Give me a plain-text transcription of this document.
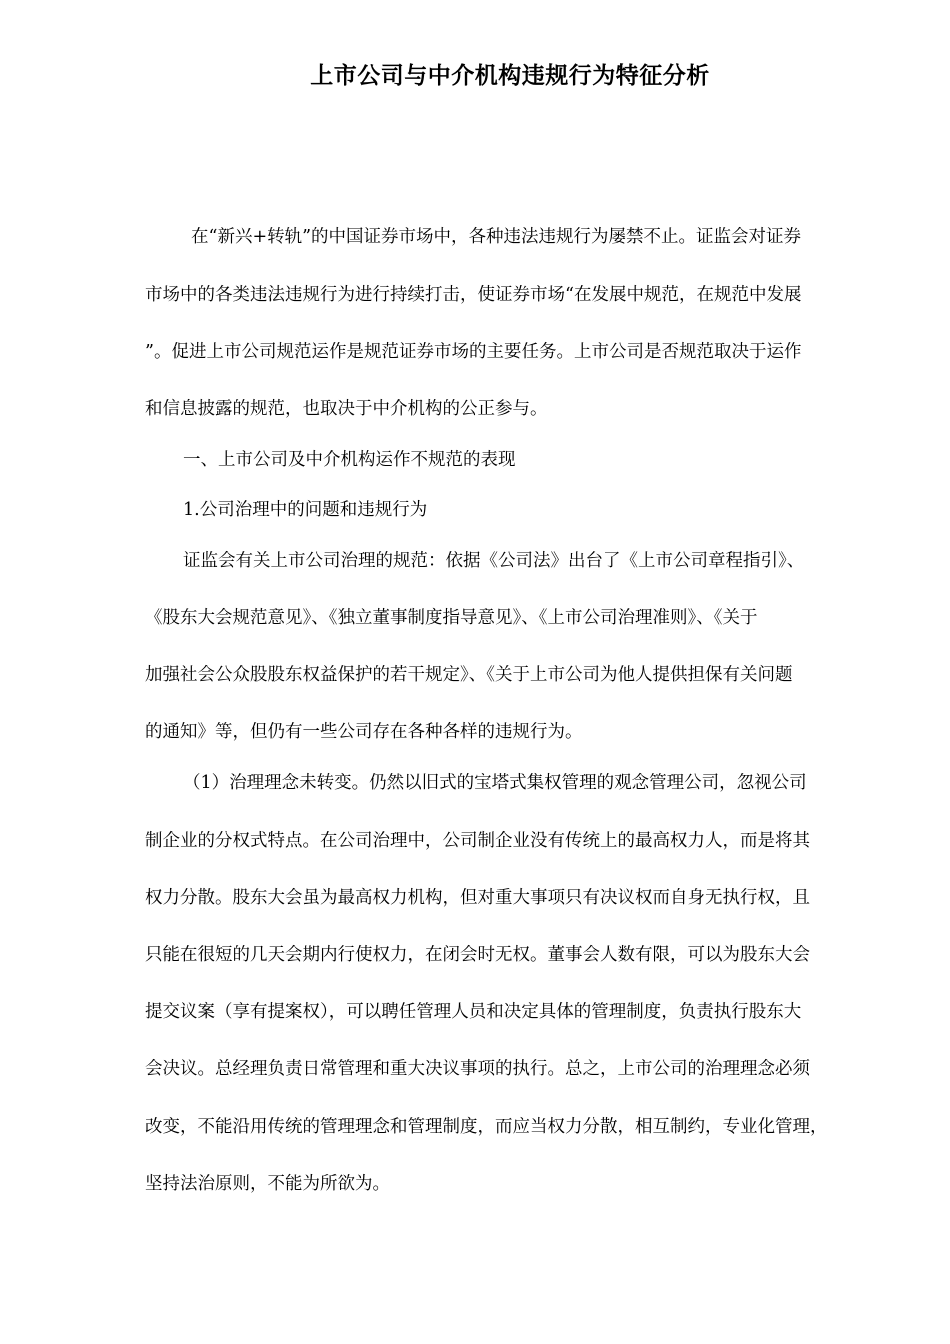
上市公司与中介机构违规行为特征分析
在“新兴+转轨”的中国证券市场中，各种违法违规行为屡禁不止。证监会对证券
市场中的各类违法违规行为进行持续打击，使证券市场“在发展中规范，在规范中发展
”。促进上市公司规范运作是规范证券市场的主要任务。上市公司是否规范取决于运作
和信息披露的规范，也取决于中介机构的公正参与。
一、上市公司及中介机构运作不规范的表现
1.公司治理中的问题和违规行为
证监会有关上市公司治理的规范：依据《公司法》出台了《上市公司章程指引》、
《股东大会规范意见》、《独立董事制度指导意见》、《上市公司治理准则》、《关于
加强社会公众股股东权益保护的若干规定》、《关于上市公司为他人提供担保有关问题
的通知》等，但仍有一些公司存在各种各样的违规行为。
（1）治理理念未转变。仍然以旧式的宝塔式集权管理的观念管理公司，忽视公司
制企业的分权式特点。在公司治理中，公司制企业没有传统上的最高权力人，而是将其
权力分散。股东大会虽为最高权力机构，但对重大事项只有决议权而自身无执行权，且
只能在很短的几天会期内行使权力，在闭会时无权。董事会人数有限，可以为股东大会
提交议案（享有提案权），可以聘任管理人员和决定具体的管理制度，负责执行股东大
会决议。总经理负责日常管理和重大决议事项的执行。总之，上市公司的治理理念必须
改变，不能沿用传统的管理理念和管理制度，而应当权力分散，相互制约，专业化管理，
坚持法治原则，不能为所欲为。
